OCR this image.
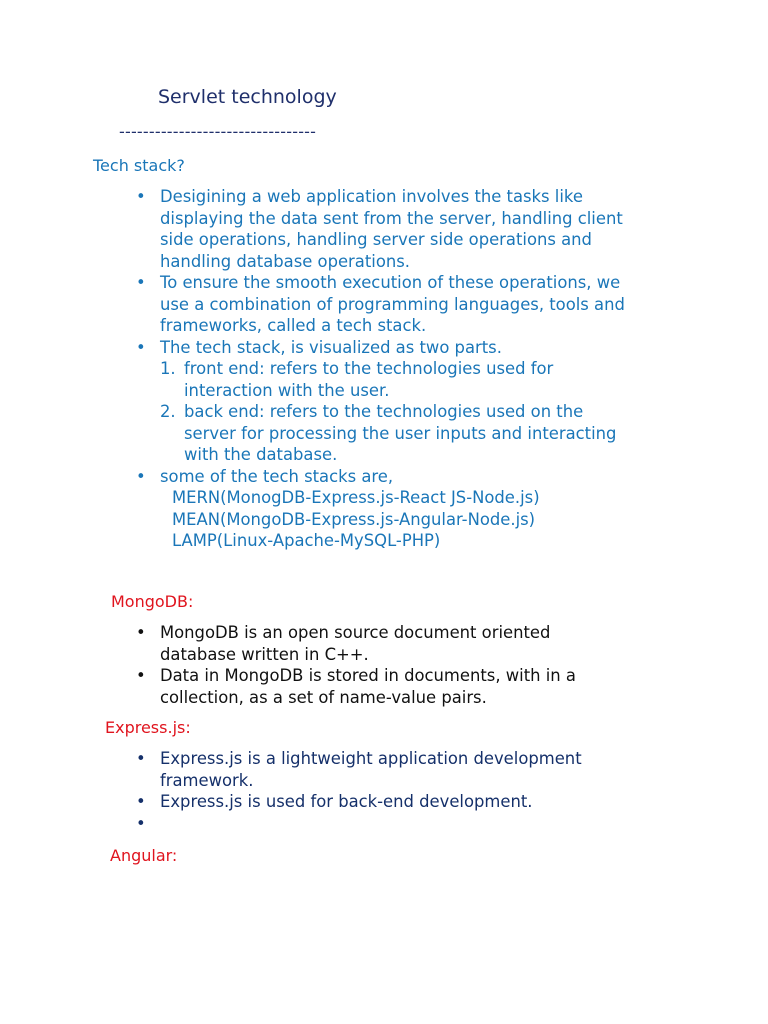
Servlet technology
---------------------------------
Tech stack?
• Desigining a web application involves the tasks like
displaying the data sent from the server, handling client
side operations, handling server side operations and
handling database operations.
• To ensure the smooth execution of these operations, we
use a combination of programming languages, tools and
frameworks, called a tech stack.
• The tech stack, is visualized as two parts.
1. front end: refers to the technologies used for
interaction with the user.
2. back end: refers to the technologies used on the
server for processing the user inputs and interacting
with the database.
• some of the tech stacks are,
MERN(MonogDB-Express.js-React JS-Node.js)
MEAN(MongoDB-Express.js-Angular-Node.js)
LAMP(Linux-Apache-MySQL-PHP)
MongoDB:
• MongoDB is an open source document oriented
database written in C++.
• Data in MongoDB is stored in documents, with in a
collection, as a set of name-value pairs.
Express.js:
• Express.js is a lightweight application development
framework.
• Express.js is used for back-end development.
•
Angular:
